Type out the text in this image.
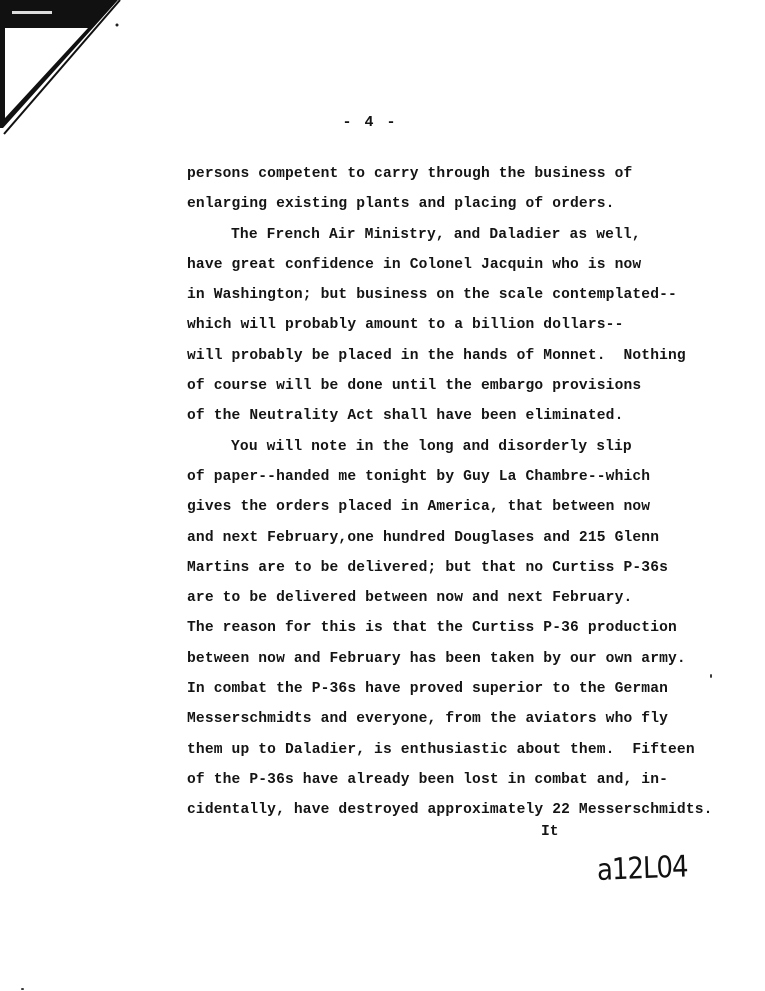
- 4 -
persons competent to carry through the business of
enlarging existing plants and placing of orders.
The French Air Ministry, and Daladier as well,
have great confidence in Colonel Jacquin who is now
in Washington; but business on the scale contemplated--
which will probably amount to a billion dollars--
will probably be placed in the hands of Monnet.  Nothing
of course will be done until the embargo provisions
of the Neutrality Act shall have been eliminated.
You will note in the long and disorderly slip
of paper--handed me tonight by Guy La Chambre--which
gives the orders placed in America, that between now
and next February,one hundred Douglases and 215 Glenn
Martins are to be delivered; but that no Curtiss P-36s
are to be delivered between now and next February.
The reason for this is that the Curtiss P-36 production
between now and February has been taken by our own army.
In combat the P-36s have proved superior to the German
Messerschmidts and everyone, from the aviators who fly
them up to Daladier, is enthusiastic about them.  Fifteen
of the P-36s have already been lost in combat and, in-
cidentally, have destroyed approximately 22 Messerschmidts.
It
a12L04
